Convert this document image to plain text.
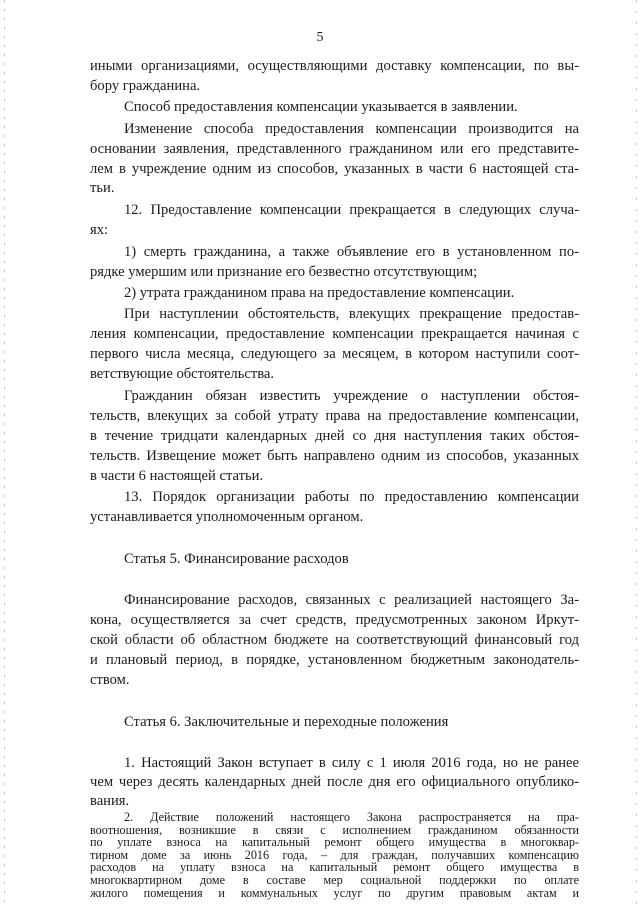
5

иными организациями, осуществляющими доставку компенсации, по вы-

бору гражданина.

Способ предоставления компенсации указывается в заявлении.

Изменение способа предоставления компенсации производится на

основании заявления, представленного гражданином или его представите-

лем в учреждение одним из способов, указанных в части 6 настоящей ста-

тьи.

12. Предоставление компенсации прекращается в следующих случа-

ях:

1) смерть гражданина, а также объявление его в установленном по-

рядке умершим или признание его безвестно отсутствующим;

2) утрата гражданином права на предоставление компенсации.

При наступлении обстоятельств, влекущих прекращение предостав-

ления компенсации, предоставление компенсации прекращается начиная с

первого числа месяца, следующего за месяцем, в котором наступили соот-

ветствующие обстоятельства.

Гражданин обязан известить учреждение о наступлении обстоя-

тельств, влекущих за собой утрату права на предоставление компенсации,

в течение тридцати календарных дней со дня наступления таких обстоя-

тельств. Извещение может быть направлено одним из способов, указанных

в части 6 настоящей статьи.

13. Порядок организации работы по предоставлению компенсации

устанавливается уполномоченным органом.

Статья 5. Финансирование расходов

Финансирование расходов, связанных с реализацией настоящего За-

кона, осуществляется за счет средств, предусмотренных законом Иркут-

ской области об областном бюджете на соответствующий финансовый год

и плановый период, в порядке, установленном бюджетным законодатель-

ством.

Статья 6. Заключительные и переходные положения

1. Настоящий Закон вступает в силу с 1 июля 2016 года, но не ранее

чем через десять календарных дней после дня его официального опублико-

вания.

2. Действие положений настоящего Закона распространяется на пра-

воотношения, возникшие в связи с исполнением гражданином обязанности

по уплате взноса на капитальный ремонт общего имущества в многоквар-

тирном доме за июнь 2016 года, – для граждан, получавших компенсацию

расходов на уплату взноса на капитальный ремонт общего имущества в

многоквартирном доме в составе мер социальной поддержки по оплате

жилого помещения и коммунальных услуг по другим правовым актам и
